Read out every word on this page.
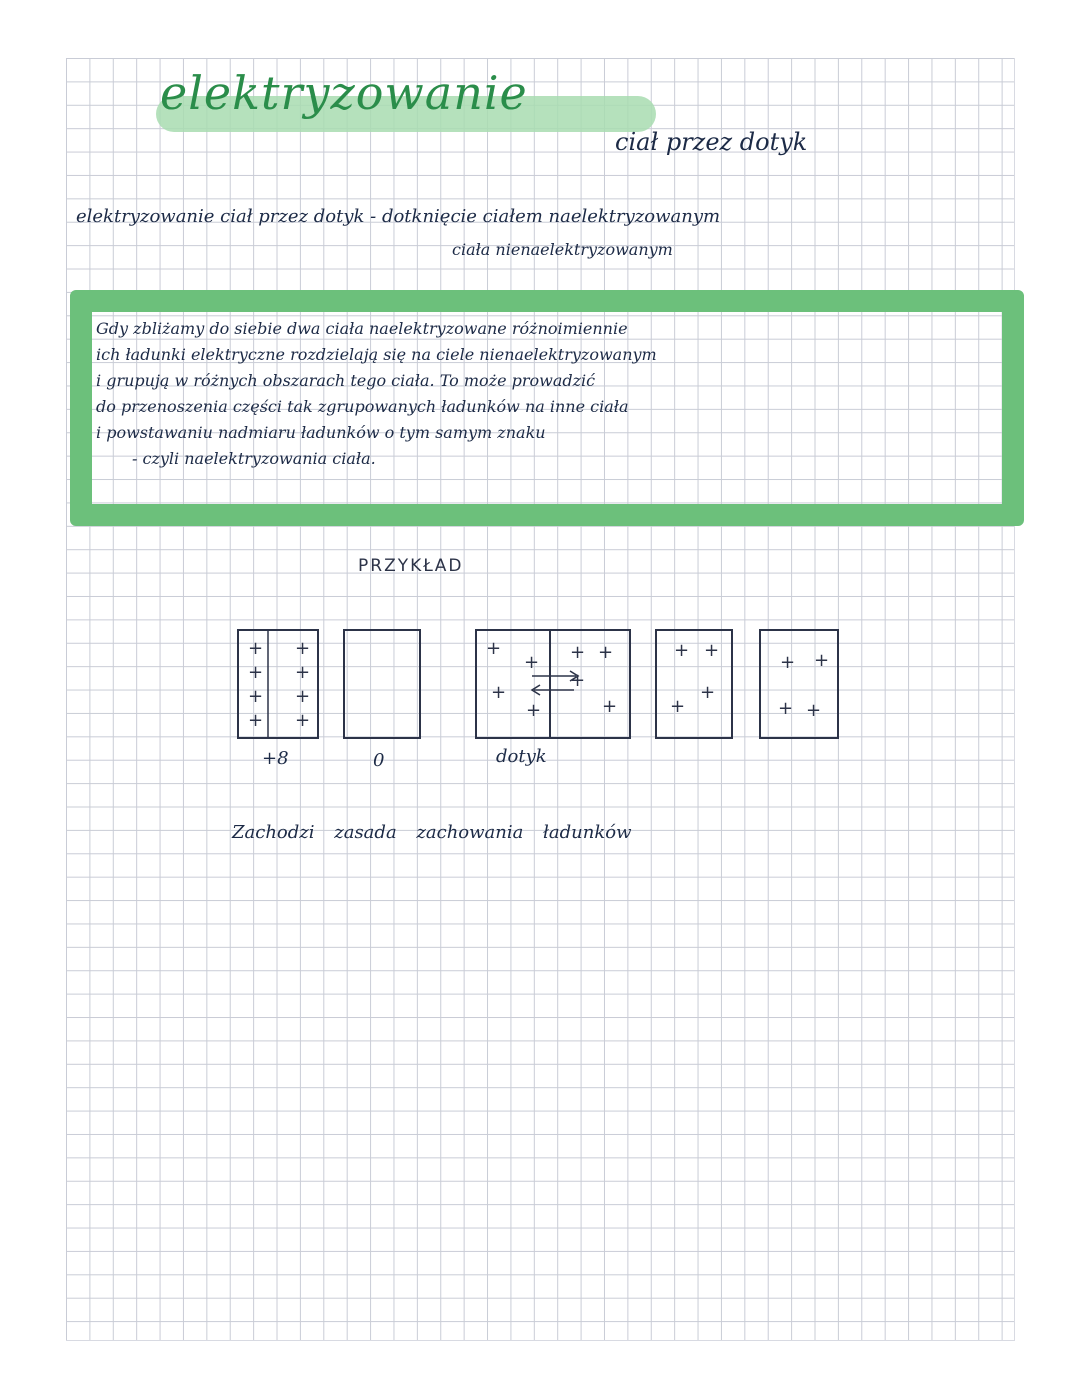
elektryzowanie
ciał przez dotyk
elektryzowanie ciał przez dotyk - dotknięcie ciałem naelektryzowanym
ciała nienaelektryzowanym
Gdy zbliżamy do siebie dwa ciała naelektryzowane różnoimiennie
ich ładunki elektryczne rozdzielają się na ciele nienaelektryzowanym
i grupują w różnych obszarach tego ciała. To może prowadzić
do przenoszenia części tak zgrupowanych ładunków na inne ciała
i powstawaniu nadmiaru ładunków o tym samym znaku
- czyli naelektryzowania ciała.
PRZYKŁAD
+
+
+
+
+
+
+
+
+
+
+
+
+ +
+
+
+ +
+
+
+ +
+ +
+8	0	dotyk
Zachodzi zasada zachowania ładunków
